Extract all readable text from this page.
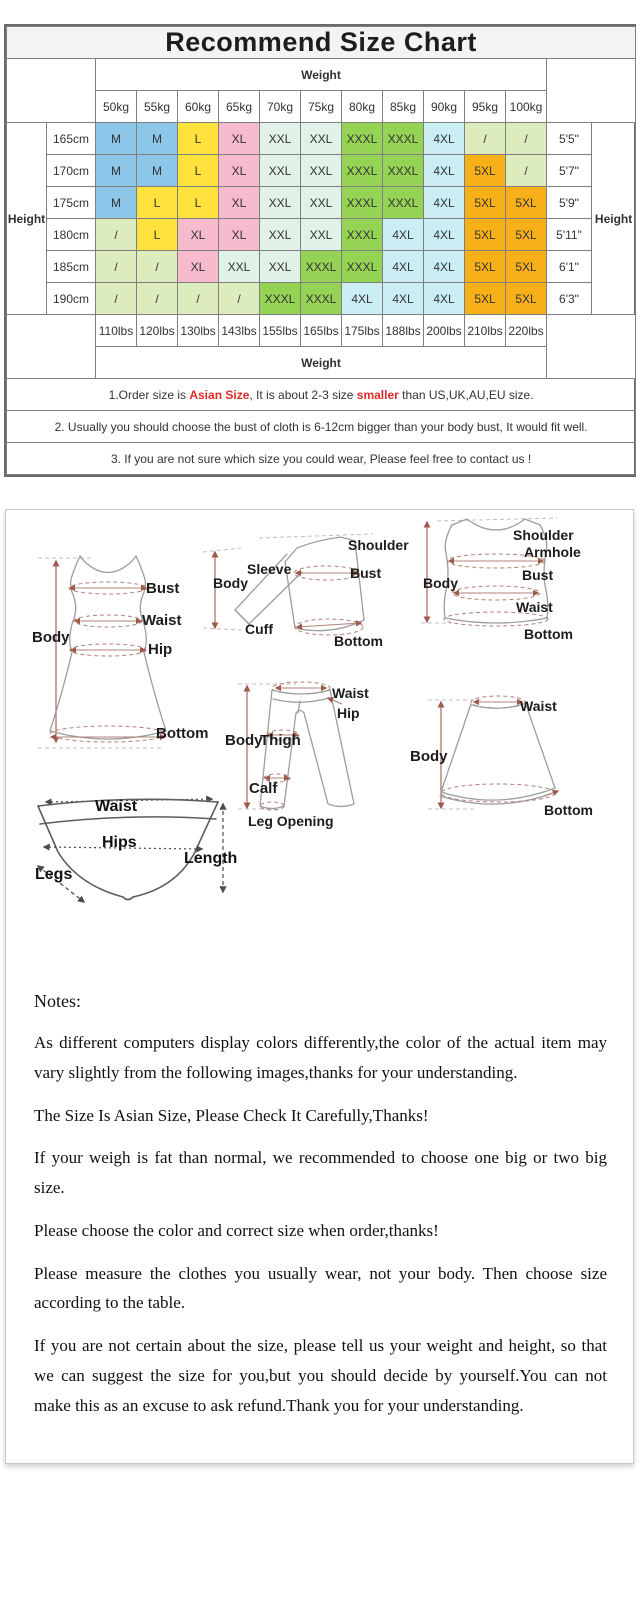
Recommend Size Chart														
		Weight												
		50kg	55kg	60kg	65kg	70kg	75kg	80kg	85kg	90kg	95kg	100kg		
Height	165cm	M	M	L	XL	XXL	XXL	XXXL	XXXL	4XL	/	/	5'5"	Height
	170cm	M	M	L	XL	XXL	XXL	XXXL	XXXL	4XL	5XL	/	5'7"	
	175cm	M	L	L	XL	XXL	XXL	XXXL	XXXL	4XL	5XL	5XL	5'9"	
	180cm	/	L	XL	XL	XXL	XXL	XXXL	4XL	4XL	5XL	5XL	5'11"	
	185cm	/	/	XL	XXL	XXL	XXXL	XXXL	4XL	4XL	5XL	5XL	6'1"	
	190cm	/	/	/	/	XXXL	XXXL	4XL	4XL	4XL	5XL	5XL	6'3"	
		110lbs	120lbs	130lbs	143lbs	155lbs	165lbs	175lbs	188lbs	200lbs	210lbs	220lbs		
		Weight												
1.Order size is Asian Size, It is about 2-3 size smaller than US,UK,AU,EU size.														
2. Usually you should choose the bust of cloth is 6-12cm bigger than your body bust, It would fit well.														
3. If you are not sure which size you could wear, Please feel free to contact us !														
Bust
Waist
Hip
Body
Bottom
Shoulder
Sleeve
Body
Bust
Cuff
Bottom
Shoulder
Armhole
Body	Bust
Waist
Bottom
Waist
Hip
Body
Thigh
Calf
Leg Opening
Waist
Hips
Legs
Length
Waist
Body
Bottom
Notes:

As different computers display colors differently,the color of the actual item may vary slightly from the following images,thanks for your understanding.

The Size Is Asian Size, Please Check It Carefully,Thanks!

If your weigh is fat than normal, we recommended to choose one big or two big size.

Please choose the color and correct size when order,thanks!

Please measure the clothes you usually wear, not your body. Then choose size according to the table.

If you are not certain about the size, please tell us your weight and height, so that we can suggest the size for you,but you should decide by yourself.You can not make this as an excuse to ask refund.Thank you for your understanding.
